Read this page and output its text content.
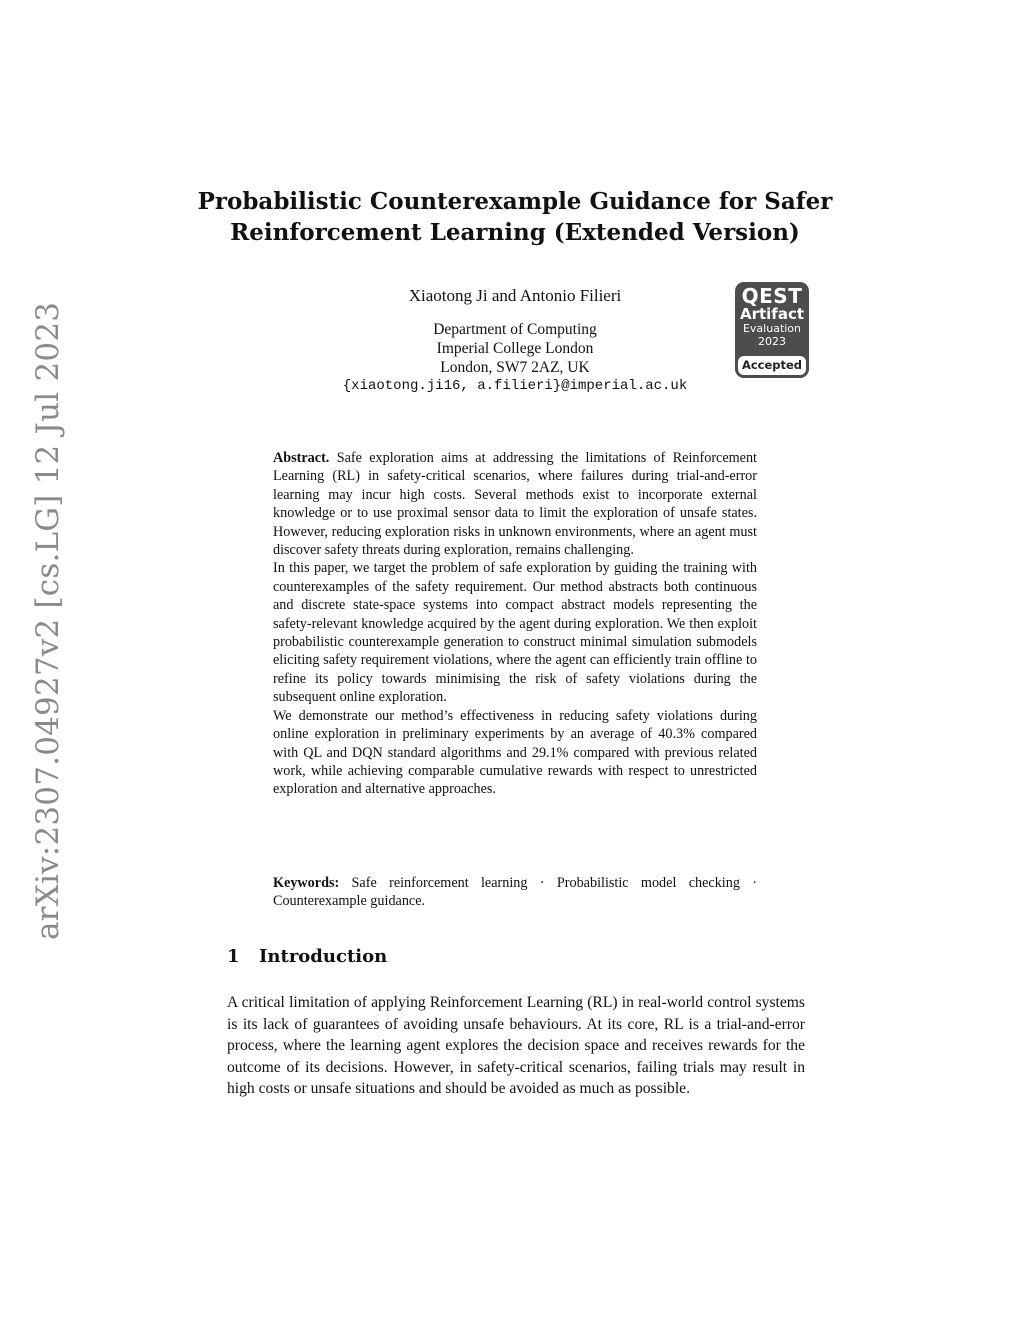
arXiv:2307.04927v2 [cs.LG] 12 Jul 2023
Probabilistic Counterexample Guidance for Safer
Reinforcement Learning (Extended Version)
Xiaotong Ji and Antonio Filieri
Department of Computing
Imperial College London
London, SW7 2AZ, UK
{xiaotong.ji16, a.filieri}@imperial.ac.uk
QEST
Artifact
Evaluation
2023
Accepted

Abstract. Safe exploration aims at addressing the limitations of Reinforcement Learning (RL) in safety-critical scenarios, where failures during trial-and-error learning may incur high costs. Several methods exist to incorporate external knowledge or to use proximal sensor data to limit the exploration of unsafe states. However, reducing exploration risks in unknown environments, where an agent must discover safety threats during exploration, remains challenging.

In this paper, we target the problem of safe exploration by guiding the training with counterexamples of the safety requirement. Our method abstracts both continuous and discrete state-space systems into compact abstract models representing the safety-relevant knowledge acquired by the agent during exploration. We then exploit probabilistic counterexample generation to construct minimal simulation submodels eliciting safety requirement violations, where the agent can efficiently train offline to refine its policy towards minimising the risk of safety violations during the subsequent online exploration.

We demonstrate our method’s effectiveness in reducing safety violations during online exploration in preliminary experiments by an average of 40.3% compared with QL and DQN standard algorithms and 29.1% compared with previous related work, while achieving comparable cumulative rewards with respect to unrestricted exploration and alternative approaches.

Keywords: Safe reinforcement learning · Probabilistic model checking · Counterexample guidance.
1 Introduction

A critical limitation of applying Reinforcement Learning (RL) in real-world control systems is its lack of guarantees of avoiding unsafe behaviours. At its core, RL is a trial-and-error process, where the learning agent explores the decision space and receives rewards for the outcome of its decisions. However, in safety-critical scenarios, failing trials may result in high costs or unsafe situations and should be avoided as much as possible.
